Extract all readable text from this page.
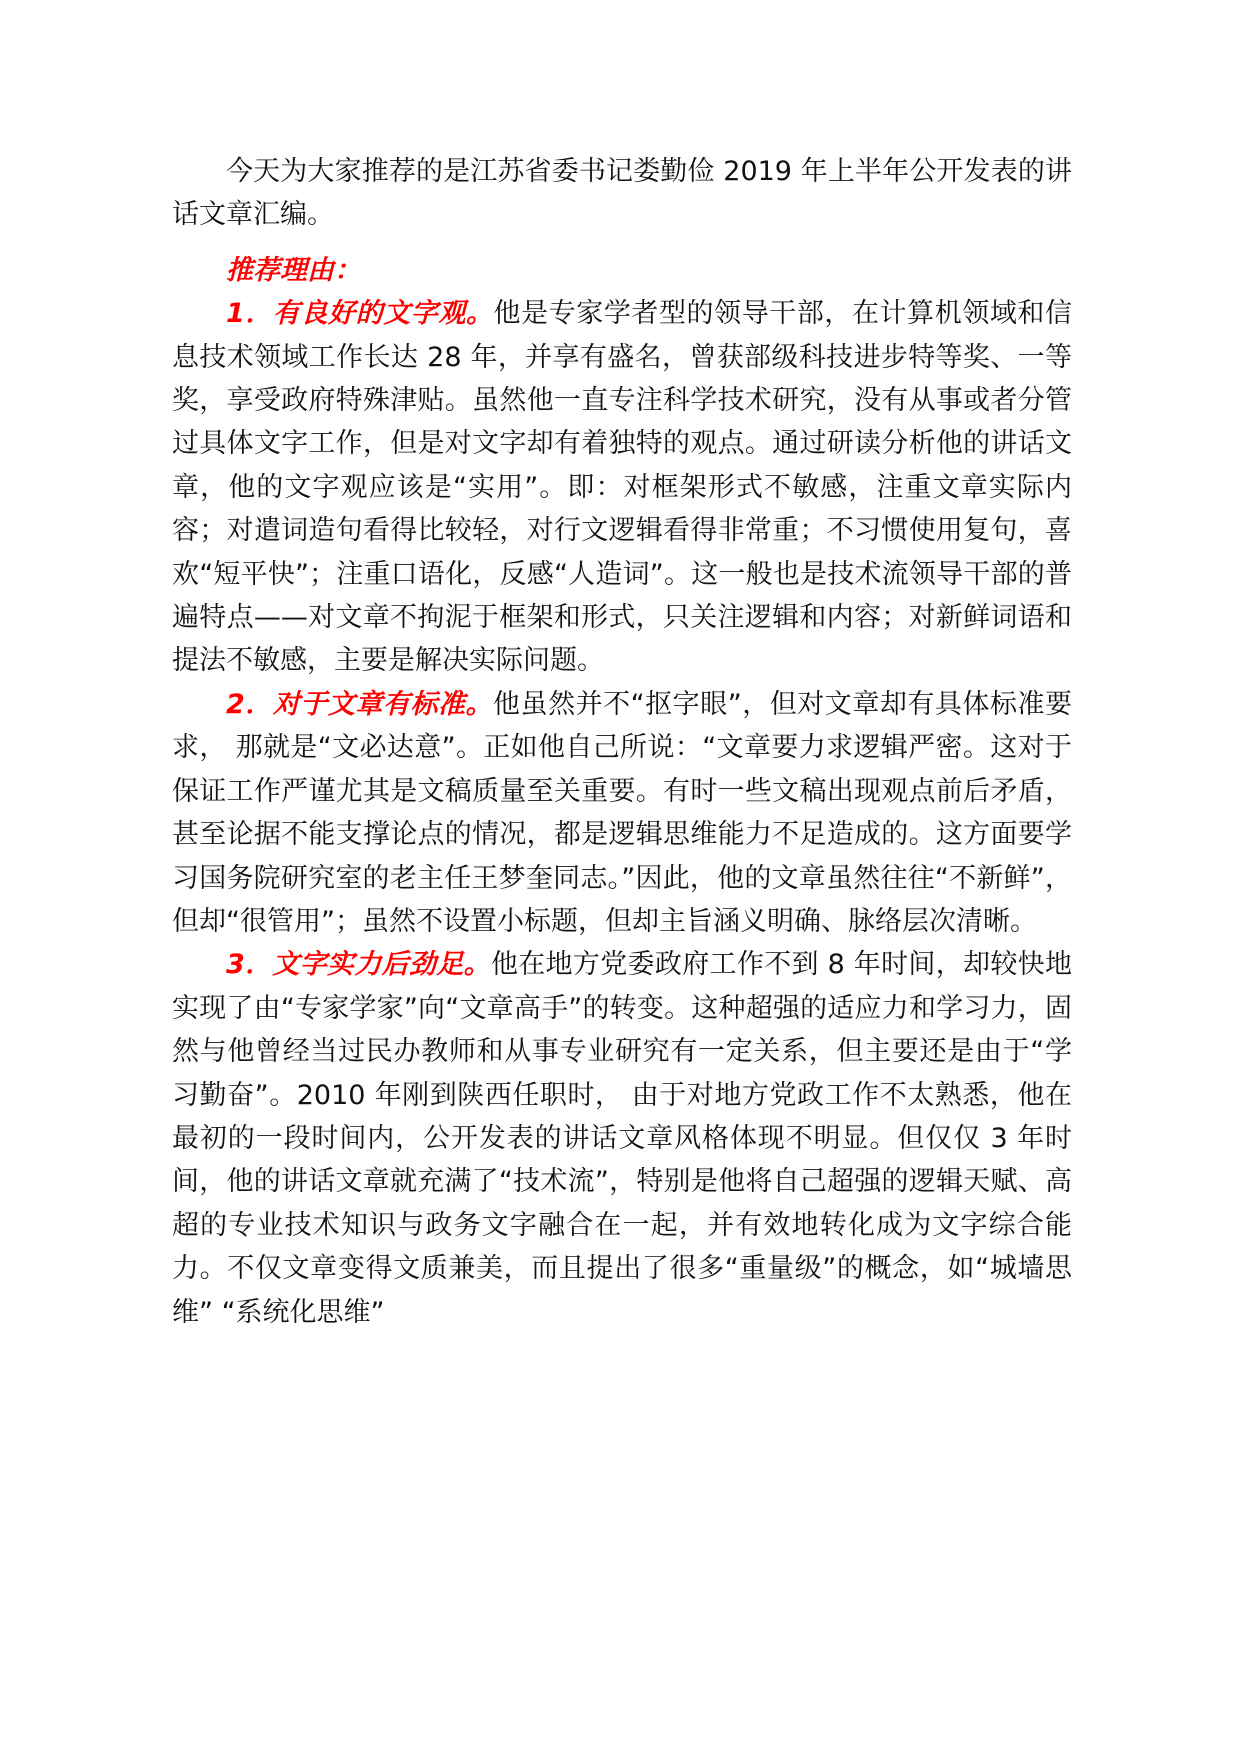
今天为大家推荐的是江苏省委书记娄勤俭 2019 年上半年公开发表的讲话文章汇编。

推荐理由：

1．有良好的文字观。他是专家学者型的领导干部，在计算机领域和信息技术领域工作长达 28 年，并享有盛名，曾获部级科技进步特等奖、一等奖，享受政府特殊津贴。虽然他一直专注科学技术研究，没有从事或者分管过具体文字工作，但是对文字却有着独特的观点。通过研读分析他的讲话文章，他的文字观应该是“实用”。即：对框架形式不敏感，注重文章实际内容；对遣词造句看得比较轻，对行文逻辑看得非常重；不习惯使用复句，喜欢“短平快”；注重口语化，反感“人造词”。这一般也是技术流领导干部的普遍特点——对文章不拘泥于框架和形式，只关注逻辑和内容；对新鲜词语和提法不敏感，主要是解决实际问题。

2．对于文章有标准。他虽然并不“抠字眼”，但对文章却有具体标准要求， 那就是“文必达意”。正如他自己所说：“文章要力求逻辑严密。这对于保证工作严谨尤其是文稿质量至关重要。有时一些文稿出现观点前后矛盾，甚至论据不能支撑论点的情况，都是逻辑思维能力不足造成的。这方面要学习国务院研究室的老主任王梦奎同志。”因此，他的文章虽然往往“不新鲜”，但却“很管用”；虽然不设置小标题，但却主旨涵义明确、脉络层次清晰。

3．文字实力后劲足。他在地方党委政府工作不到 8 年时间，却较快地实现了由“专家学家”向“文章高手”的转变。这种超强的适应力和学习力，固然与他曾经当过民办教师和从事专业研究有一定关系，但主要还是由于“学习勤奋”。2010 年刚到陕西任职时， 由于对地方党政工作不太熟悉，他在最初的一段时间内，公开发表的讲话文章风格体现不明显。但仅仅 3 年时间，他的讲话文章就充满了“技术流”，特别是他将自己超强的逻辑天赋、高超的专业技术知识与政务文字融合在一起，并有效地转化成为文字综合能力。不仅文章变得文质兼美，而且提出了很多“重量级”的概念，如“城墙思维” “系统化思维”
